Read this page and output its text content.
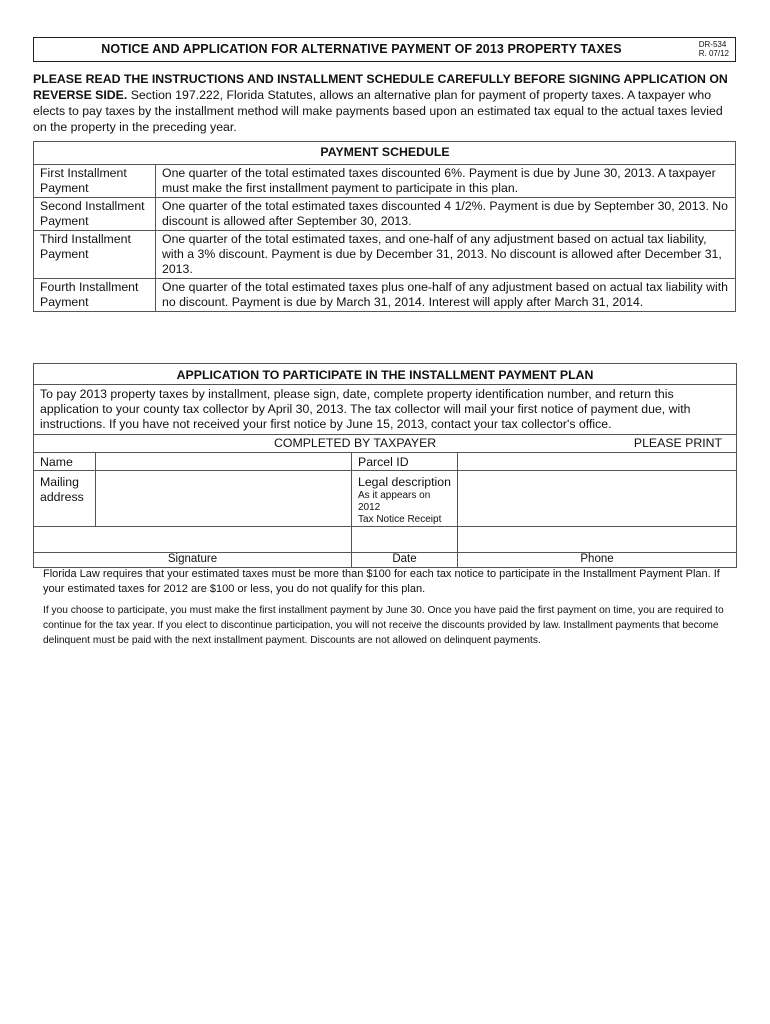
NOTICE AND APPLICATION FOR ALTERNATIVE PAYMENT OF 2013 PROPERTY TAXES	DR-534
R. 07/12
PLEASE READ THE INSTRUCTIONS AND INSTALLMENT SCHEDULE CAREFULLY BEFORE SIGNING APPLICATION ON REVERSE SIDE. Section 197.222, Florida Statutes, allows an alternative plan for payment of property taxes. A taxpayer who elects to pay taxes by the installment method will make payments based upon an estimated tax equal to the actual taxes levied on the property in the preceding year.
PAYMENT SCHEDULE	
First Installment Payment	One quarter of the total estimated taxes discounted 6%. Payment is due by June 30, 2013. A taxpayer must make the first installment payment to participate in this plan.
Second Installment Payment	One quarter of the total estimated taxes discounted 4 1/2%. Payment is due by September 30, 2013. No discount is allowed after September 30, 2013.
Third Installment Payment	One quarter of the total estimated taxes, and one-half of any adjustment based on actual tax liability, with a 3% discount. Payment is due by December 31, 2013. No discount is allowed after December 31, 2013.
Fourth Installment Payment	One quarter of the total estimated taxes plus one-half of any adjustment based on actual tax liability with no discount. Payment is due by March 31, 2014. Interest will apply after March 31, 2014.
APPLICATION TO PARTICIPATE IN THE INSTALLMENT PAYMENT PLAN			
To pay 2013 property taxes by installment, please sign, date, complete property identification number, and return this application to your county tax collector by April 30, 2013. The tax collector will mail your first notice of payment due, with instructions. If you have not received your first notice by June 15, 2013, contact your tax collector's office.			

COMPLETED BY TAXPAYER PLEASE PRINT			

Name		Parcel ID	
Mailing address		Legal description
As it appears on 2012
Tax Notice Receipt	

Signature		Date	Phone
Florida Law requires that your estimated taxes must be more than $100 for each tax notice to participate in the Installment Payment Plan. If your estimated taxes for 2012 are $100 or less, you do not qualify for this plan.
If you choose to participate, you must make the first installment payment by June 30. Once you have paid the first payment on time, you are required to continue for the tax year. If you elect to discontinue participation, you will not receive the discounts provided by law. Installment payments that become delinquent must be paid with the next installment payment. Discounts are not allowed on delinquent payments.
